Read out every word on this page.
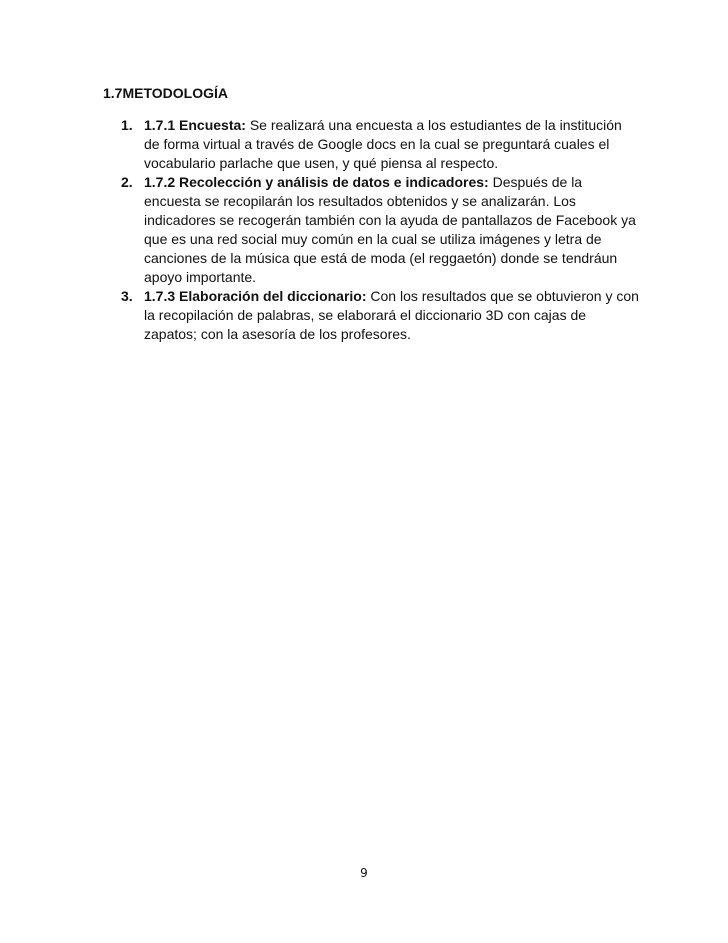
1.7METODOLOGÍA
1. 1.7.1 Encuesta: Se realizará una encuesta a los estudiantes de la institución de forma virtual a través de Google docs en la cual se preguntará cuales el vocabulario parlache que usen, y qué piensa al respecto.
2. 1.7.2 Recolección y análisis de datos e indicadores: Después de la encuesta se recopilarán los resultados obtenidos y se analizarán. Los indicadores se recogerán también con la ayuda de pantallazos de Facebook ya que es una red social muy común en la cual se utiliza imágenes y letra de canciones de la música que está de moda (el reggaetón) donde se tendráun apoyo importante.
3. 1.7.3 Elaboración del diccionario: Con los resultados que se obtuvieron y con la recopilación de palabras, se elaborará el diccionario 3D con cajas de zapatos; con la asesoría de los profesores.
9
